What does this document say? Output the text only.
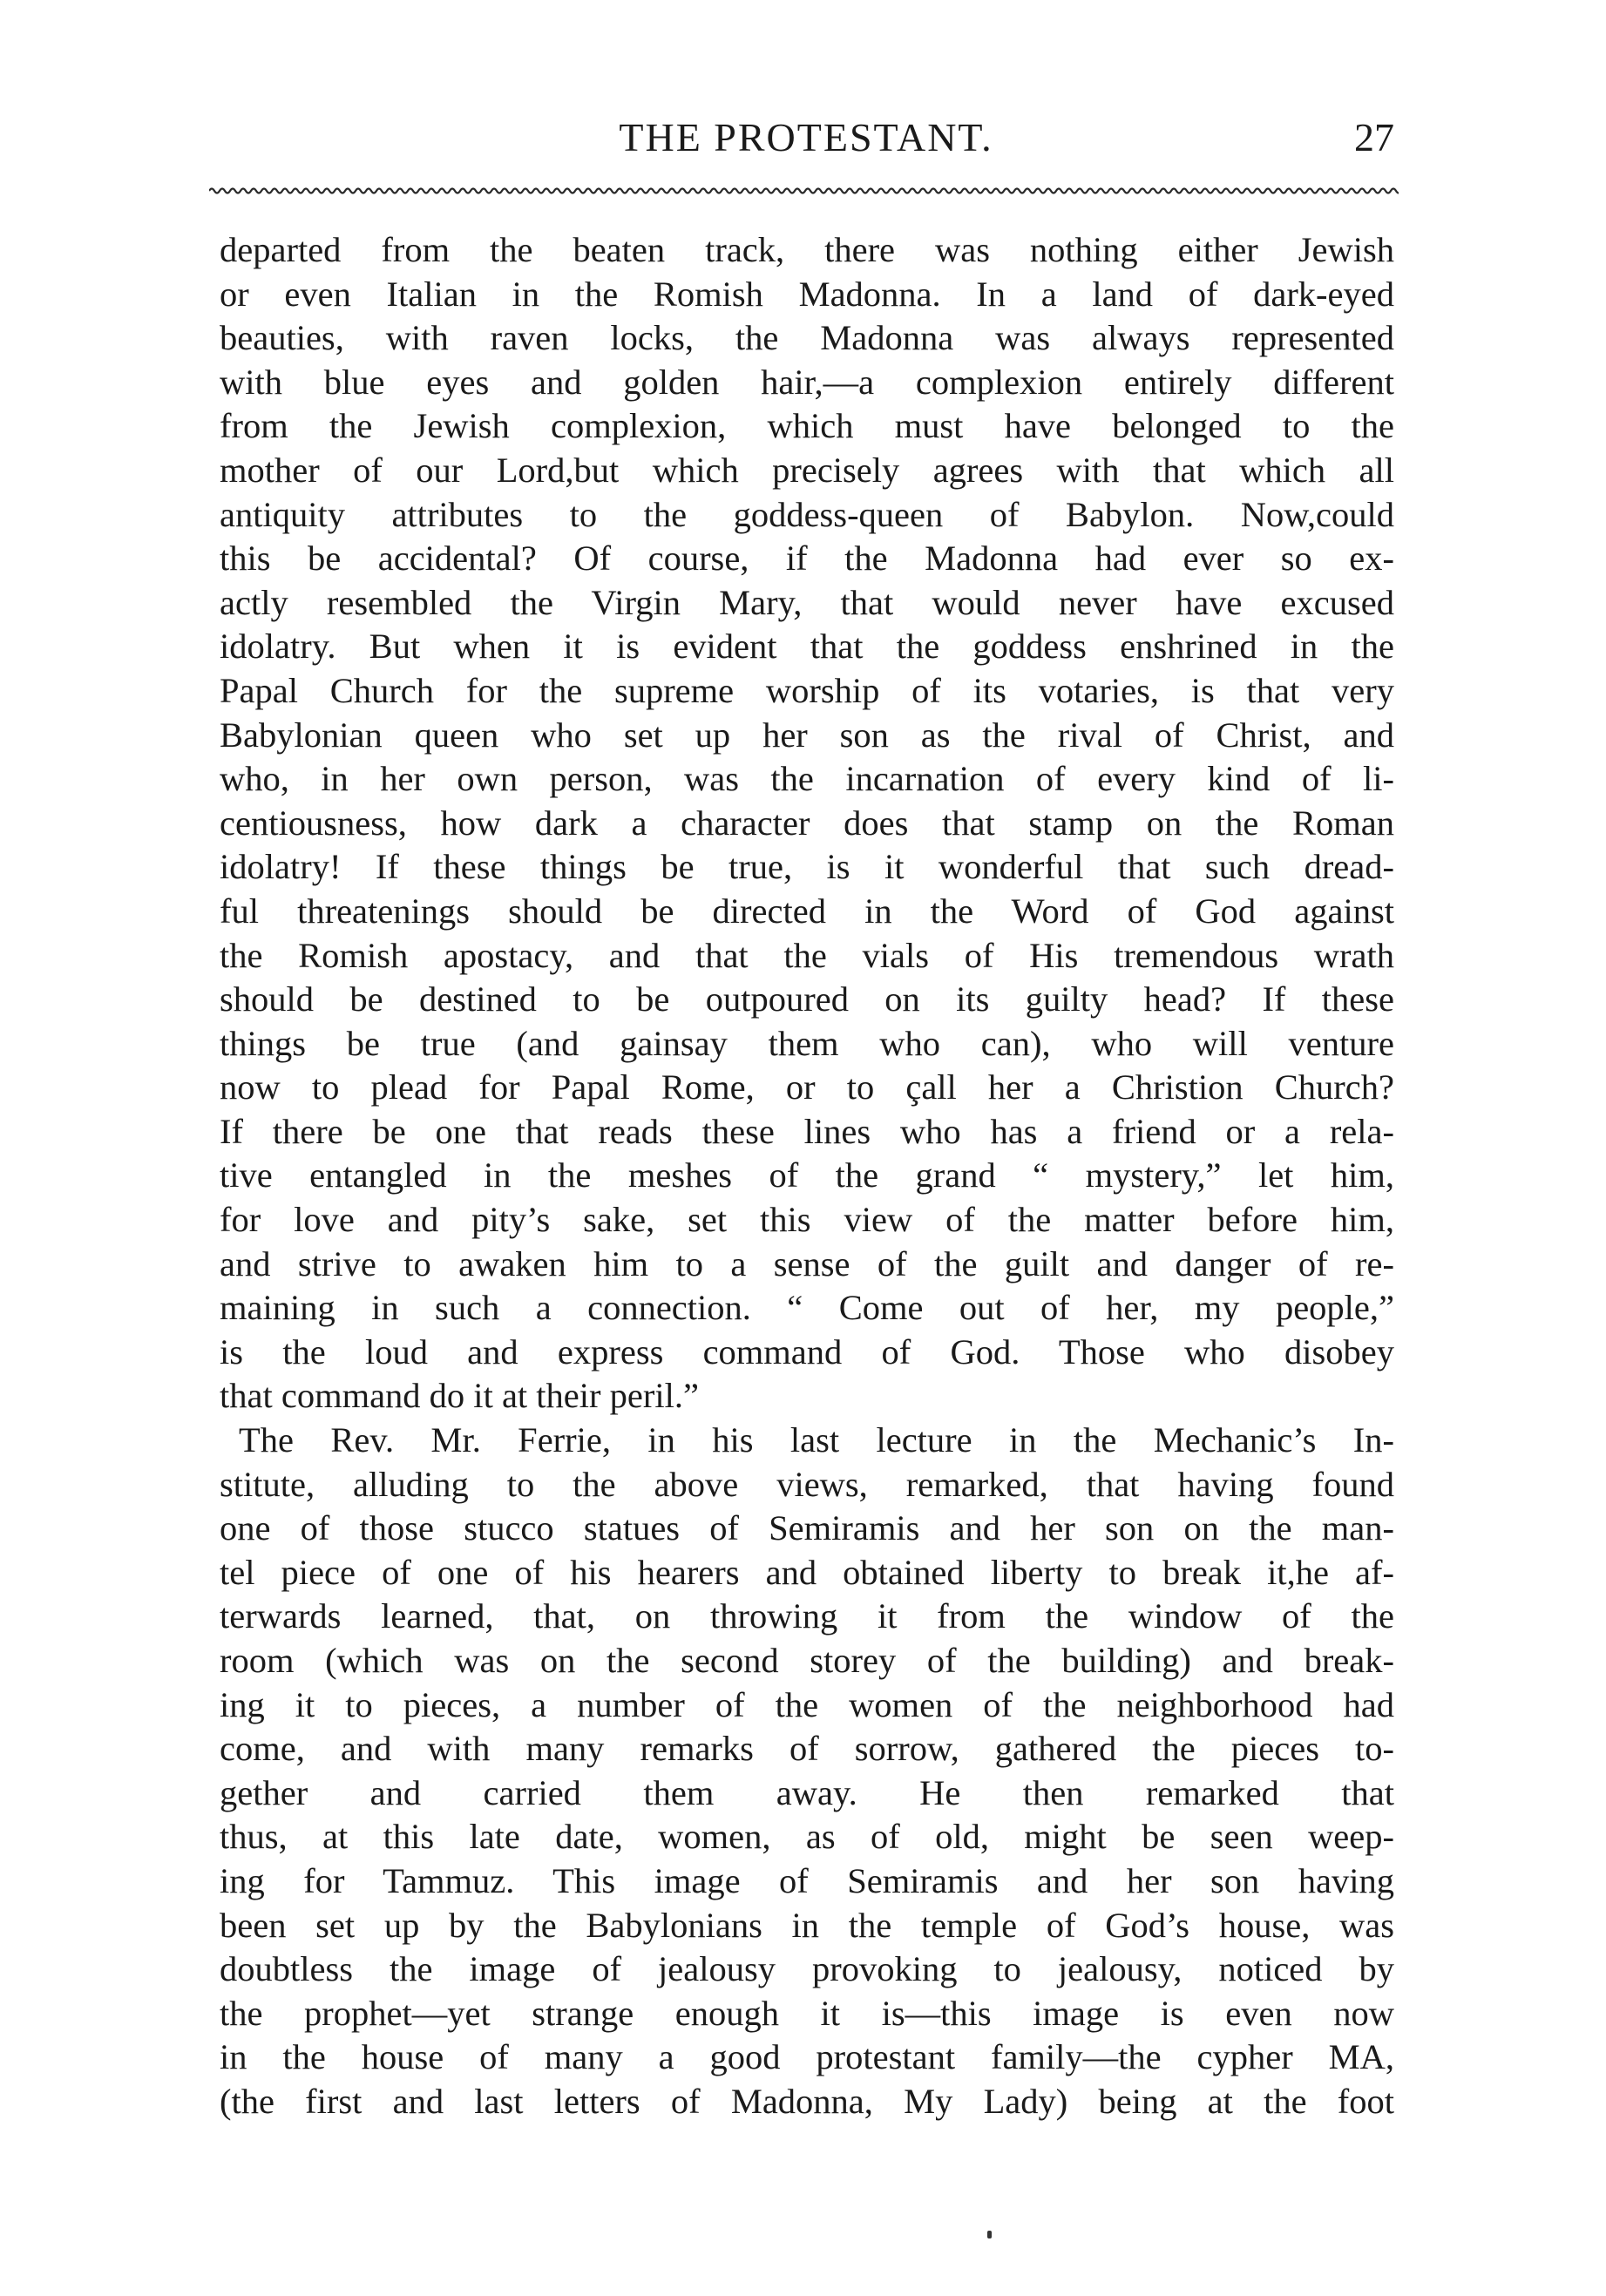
THE PROTESTANT.	27
departed from the beaten track, there was nothing either Jewish
or even Italian in the Romish Madonna. In a land of dark-eyed
beauties, with raven locks, the Madonna was always represented
with blue eyes and golden hair,—a complexion entirely different
from the Jewish complexion, which must have belonged to the
mother of our Lord,but which precisely agrees with that which all
antiquity attributes to the goddess-queen of Babylon. Now,could
this be accidental? Of course, if the Madonna had ever so ex-
actly resembled the Virgin Mary, that would never have excused
idolatry. But when it is evident that the goddess enshrined in the
Papal Church for the supreme worship of its votaries, is that very
Babylonian queen who set up her son as the rival of Christ, and
who, in her own person, was the incarnation of every kind of li-
centiousness, how dark a character does that stamp on the Roman
idolatry! If these things be true, is it wonderful that such dread-
ful threatenings should be directed in the Word of God against
the Romish apostacy, and that the vials of His tremendous wrath
should be destined to be outpoured on its guilty head? If these
things be true (and gainsay them who can), who will venture
now to plead for Papal Rome, or to çall her a Christion Church?
If there be one that reads these lines who has a friend or a rela-
tive entangled in the meshes of the grand “ mystery,” let him,
for love and pity’s sake, set this view of the matter before him,
and strive to awaken him to a sense of the guilt and danger of re-
maining in such a connection. “ Come out of her, my people,”
is the loud and express command of God. Those who disobey
that command do it at their peril.”
The Rev. Mr. Ferrie, in his last lecture in the Mechanic’s In-
stitute, alluding to the above views, remarked, that having found
one of those stucco statues of Semiramis and her son on the man-
tel piece of one of his hearers and obtained liberty to break it,he af-
terwards learned, that, on throwing it from the window of the
room (which was on the second storey of the building) and break-
ing it to pieces, a number of the women of the neighborhood had
come, and with many remarks of sorrow, gathered the pieces to-
gether and carried them away. He then remarked that
thus, at this late date, women, as of old, might be seen weep-
ing for Tammuz. This image of Semiramis and her son having
been set up by the Babylonians in the temple of God’s house, was
doubtless the image of jealousy provoking to jealousy, noticed by
the prophet—yet strange enough it is—this image is even now
in the house of many a good protestant family—the cypher MA,
(the first and last letters of Madonna, My Lady) being at the foot
